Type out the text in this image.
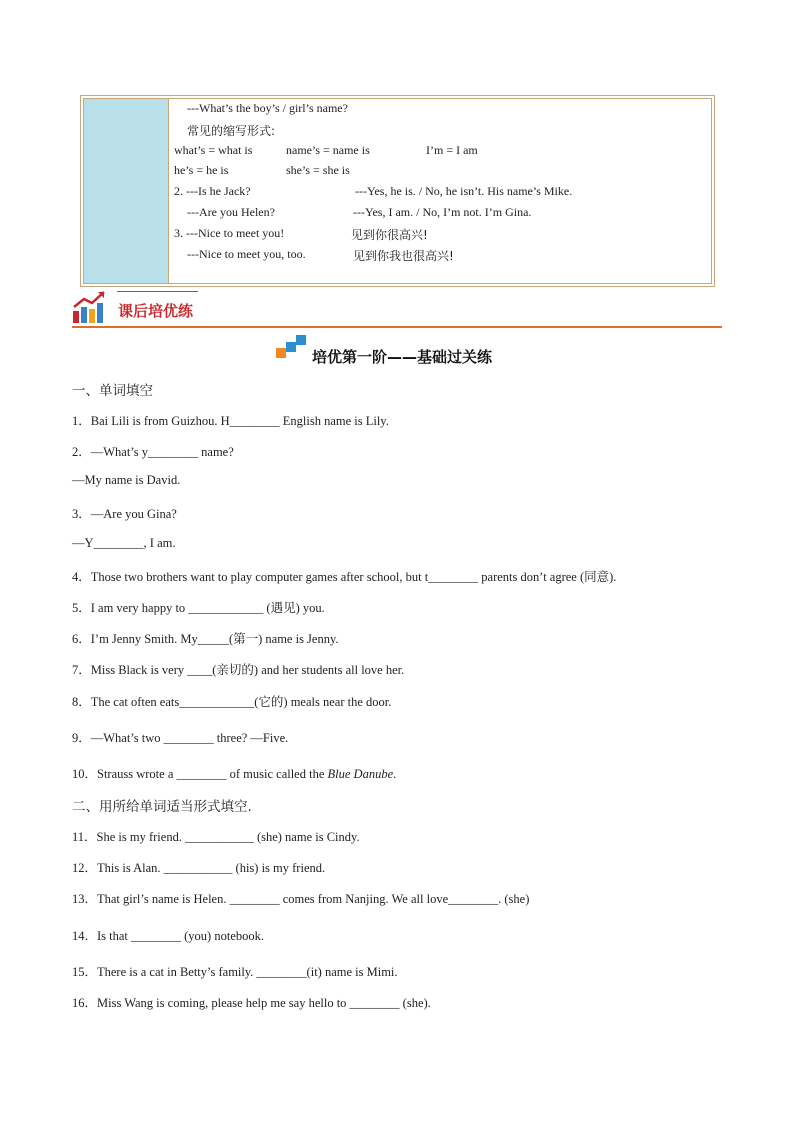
---What’s the boy’s / girl’s name?
常见的缩写形式:
what’s = what is	name’s = name is	I’m = I am
he’s = he is	she’s = she is
2. ---Is he Jack?	---Yes, he is. / No, he isn’t. His name’s Mike.
---Are you Helen?	---Yes, I am. / No, I’m not. I’m Gina.
3. ---Nice to meet you!	见到你很高兴!
---Nice to meet you, too.	见到你我也很高兴!
课后培优练
培优第一阶——基础过关练
一、单词填空
1．Bai Lili is from Guizhou. H________ English name is Lily.
2．—What’s y________ name?
—My name is David.
3．—Are you Gina?
—Y________, I am.
4．Those two brothers want to play computer games after school, but t________ parents don’t agree (同意).
5．I am very happy to ____________ (遇见) you.
6．I’m Jenny Smith. My_____(第一) name is Jenny.
7．Miss Black is very ____(亲切的) and her students all love her.
8．The cat often eats____________(它的) meals near the door.
9．—What’s two ________ three? —Five.
10．Strauss wrote a ________ of music called the Blue Danube.
二、用所给单词适当形式填空.
11．She is my friend. ___________ (she) name is Cindy.
12．This is Alan. ___________ (his) is my friend.
13．That girl’s name is Helen. ________ comes from Nanjing. We all love________. (she)
14．Is that ________ (you) notebook.
15．There is a cat in Betty’s family. ________(it) name is Mimi.
16．Miss Wang is coming, please help me say hello to ________ (she).
